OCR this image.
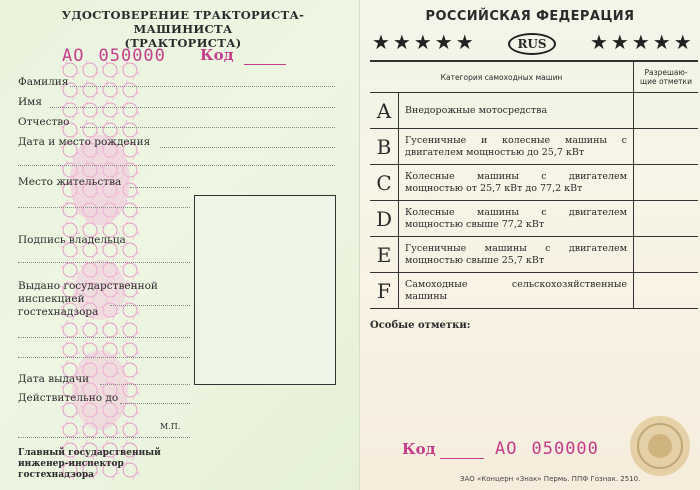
УДОСТОВЕРЕНИЕ ТРАКТОРИСТА-МАШИНИСТА
(ТРАКТОРИСТА)
АО 050000	Код
Фамилия
Имя
Отчество
Дата и место рождения
Место жительства
Подпись владельца
Выдано государственной
инспекцией
гостехнадзора
Дата выдачи
Действительно до
М.П.
Главный государственный
инженер-инспектор
гостехнадзора
РОССИЙСКАЯ ФЕДЕРАЦИЯ
★★★★★	RUS	★★★★★
Категория самоходных машин		Разрешаю-
щие отметки

A	Внедорожные мотосредства	
B	Гусеничные и колесные машины с двигателем мощностью до 25,7 кВт	
C	Колесные машины с двигателем мощностью от 25,7 кВт до 77,2 кВт	
D	Колесные машины с двигателем мощностью свыше 77,2 кВт	
E	Гусеничные машины с двигателем мощностью свыше 25,7 кВт	
F	Самоходные сельскохозяйственные машины	
Особые отметки:
Код	АО 050000
ЗАО «Концерн «Знак» Пермь. ППФ Гознак. 2510.
